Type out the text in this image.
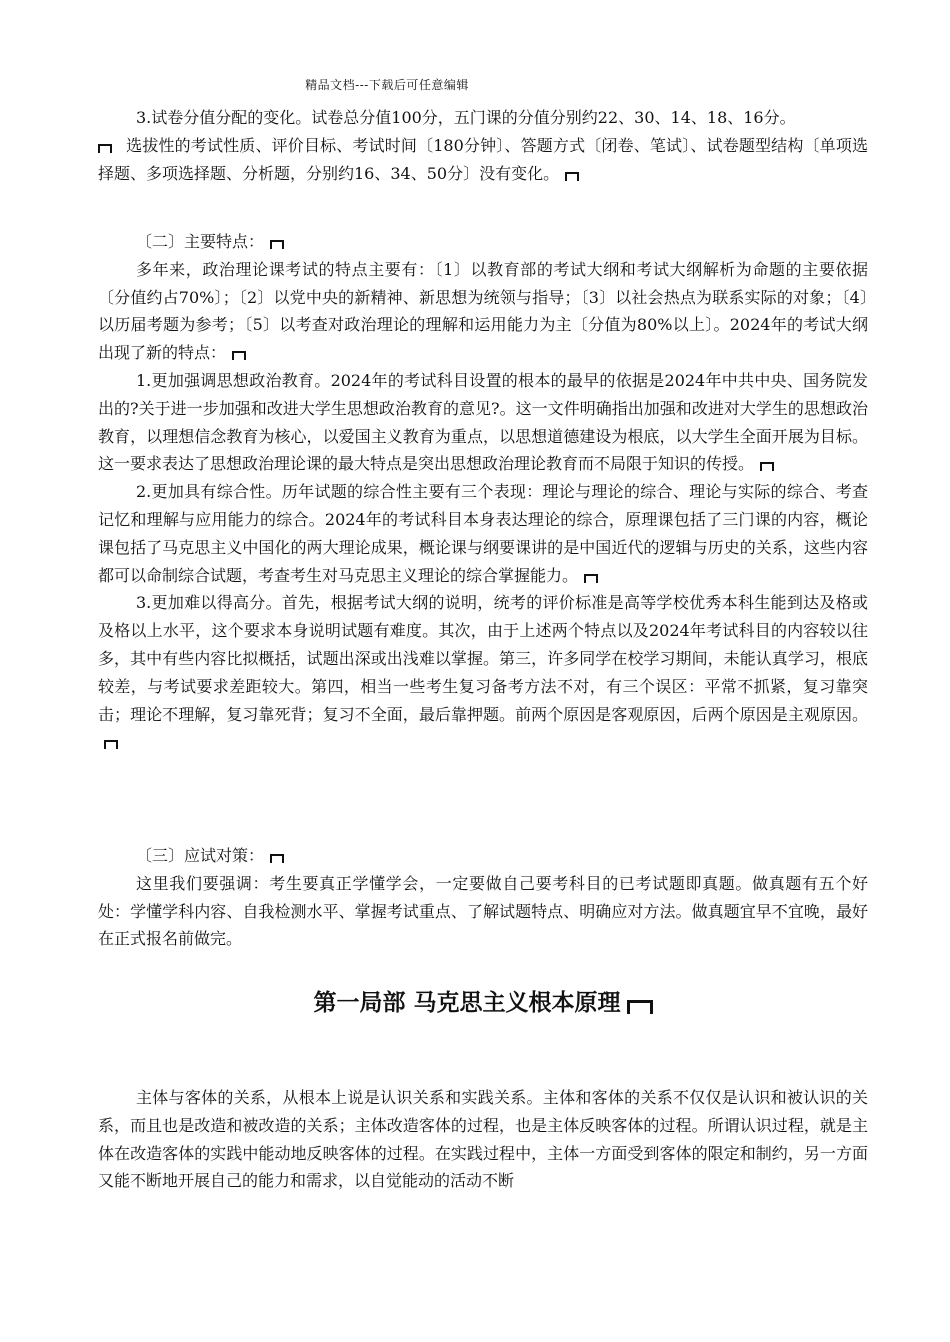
精品文档---下载后可任意编辑

3.试卷分值分配的变化。试卷总分值100分，五门课的分值分别约22、30、14、18、16分。

选拔性的考试性质、评价目标、考试时间〔180分钟〕、答题方式〔闭卷、笔试〕、试卷题型结构〔单项选择题、多项选择题、分析题，分别约16、34、50分〕没有变化。

〔二〕主要特点：

多年来，政治理论课考试的特点主要有：〔1〕以教育部的考试大纲和考试大纲解析为命题的主要依据〔分值约占70%〕；〔2〕以党中央的新精神、新思想为统领与指导；〔3〕以社会热点为联系实际的对象；〔4〕以历届考题为参考；〔5〕以考查对政治理论的理解和运用能力为主〔分值为80%以上〕。2024年的考试大纲出现了新的特点：

1.更加强调思想政治教育。2024年的考试科目设置的根本的最早的依据是2024年中共中央、国务院发出的?关于进一步加强和改进大学生思想政治教育的意见?。这一文件明确指出加强和改进对大学生的思想政治教育，以理想信念教育为核心，以爱国主义教育为重点，以思想道德建设为根底，以大学生全面开展为目标。这一要求表达了思想政治理论课的最大特点是突出思想政治理论教育而不局限于知识的传授。

2.更加具有综合性。历年试题的综合性主要有三个表现：理论与理论的综合、理论与实际的综合、考查记忆和理解与应用能力的综合。2024年的考试科目本身表达理论的综合，原理课包括了三门课的内容，概论课包括了马克思主义中国化的两大理论成果，概论课与纲要课讲的是中国近代的逻辑与历史的关系，这些内容都可以命制综合试题，考查考生对马克思主义理论的综合掌握能力。

3.更加难以得高分。首先，根据考试大纲的说明，统考的评价标准是高等学校优秀本科生能到达及格或及格以上水平，这个要求本身说明试题有难度。其次，由于上述两个特点以及2024年考试科目的内容较以往多，其中有些内容比拟概括，试题出深或出浅难以掌握。第三，许多同学在校学习期间，未能认真学习，根底较差，与考试要求差距较大。第四，相当一些考生复习备考方法不对，有三个误区：平常不抓紧，复习靠突击；理论不理解，复习靠死背；复习不全面，最后靠押题。前两个原因是客观原因，后两个原因是主观原因。

〔三〕应试对策：

这里我们要强调：考生要真正学懂学会，一定要做自己要考科目的已考试题即真题。做真题有五个好处：学懂学科内容、自我检测水平、掌握考试重点、了解试题特点、明确应对方法。做真题宜早不宜晚，最好在正式报名前做完。

第一局部 马克思主义根本原理

主体与客体的关系，从根本上说是认识关系和实践关系。主体和客体的关系不仅仅是认识和被认识的关系，而且也是改造和被改造的关系；主体改造客体的过程，也是主体反映客体的过程。所谓认识过程，就是主体在改造客体的实践中能动地反映客体的过程。在实践过程中，主体一方面受到客体的限定和制约，另一方面又能不断地开展自己的能力和需求，以自觉能动的活动不断
